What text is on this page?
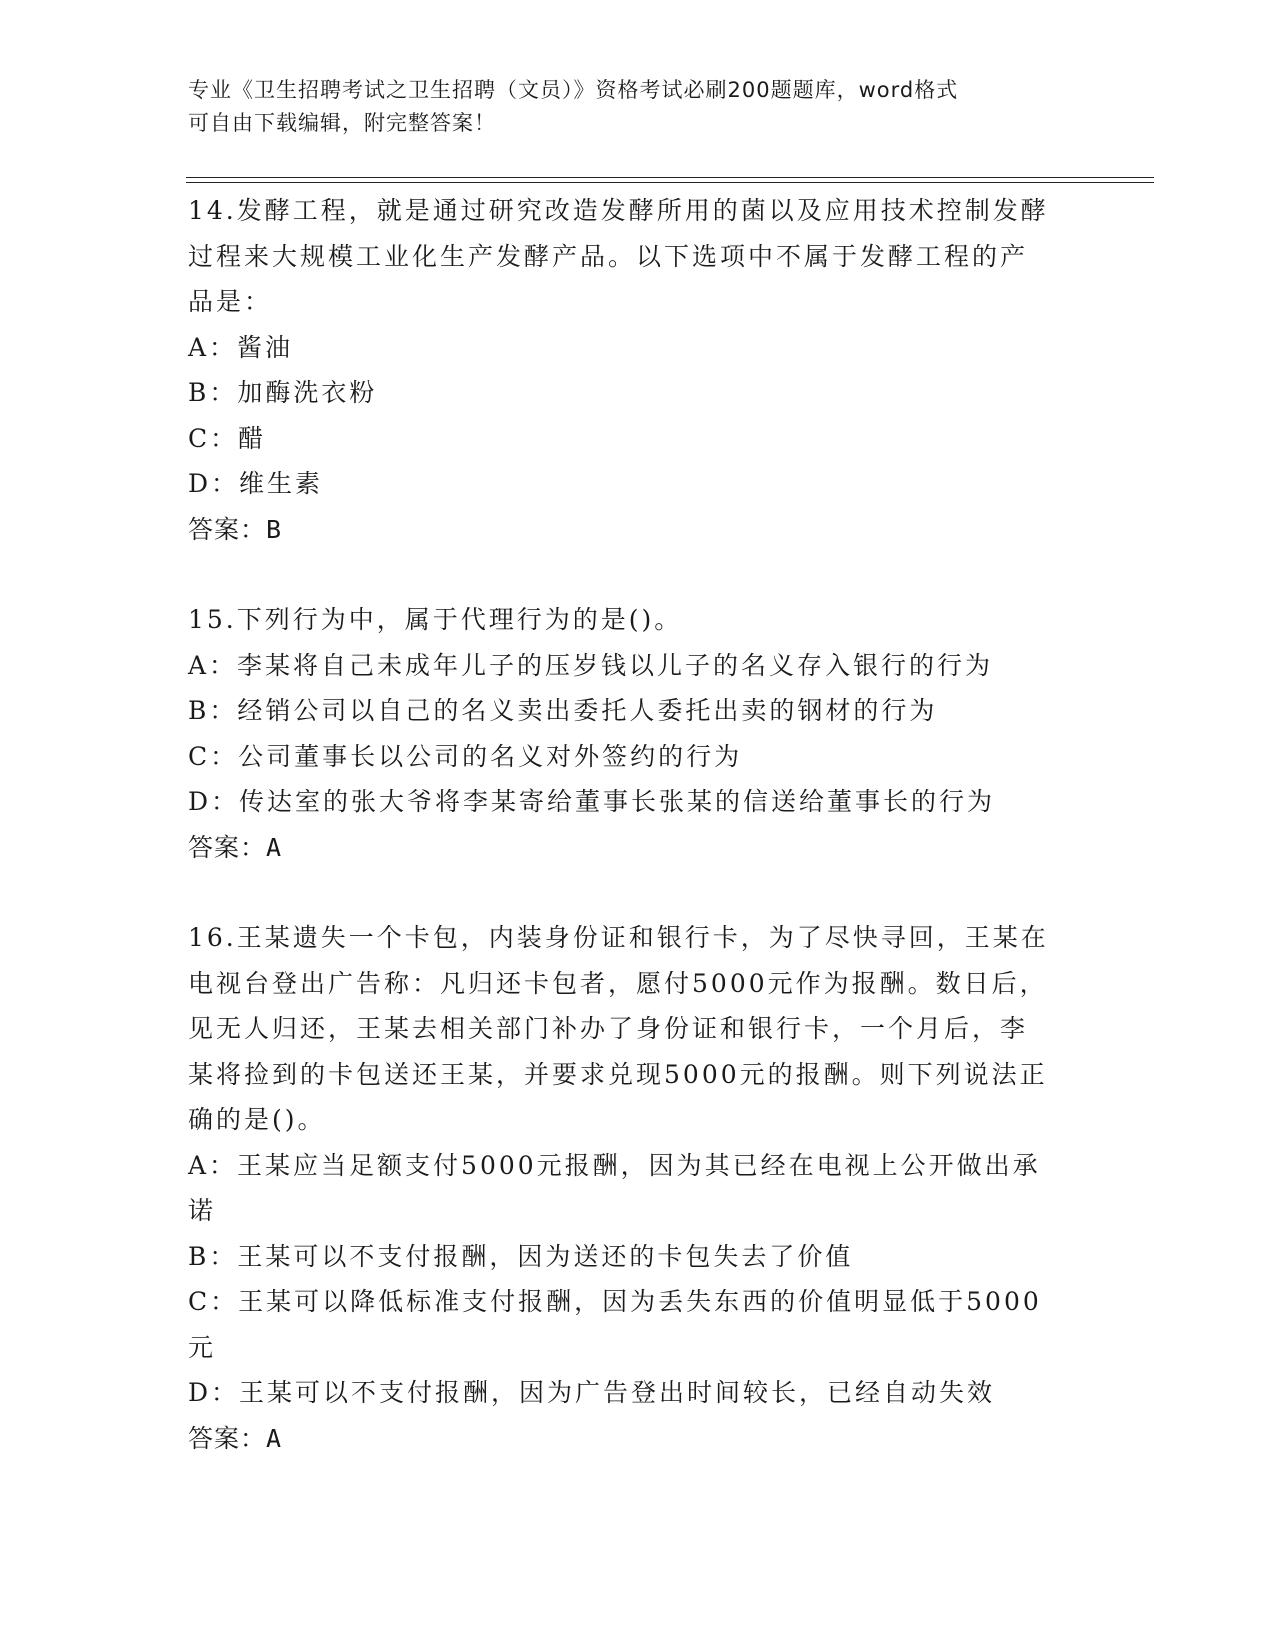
专业《卫生招聘考试之卫生招聘（文员）》资格考试必刷200题题库，word格式
可自由下载编辑，附完整答案！
14.发酵工程，就是通过研究改造发酵所用的菌以及应用技术控制发酵
过程来大规模工业化生产发酵产品。以下选项中不属于发酵工程的产
品是：
A：酱油
B：加酶洗衣粉
C：醋
D：维生素
答案：B
15.下列行为中，属于代理行为的是()。
A：李某将自己未成年儿子的压岁钱以儿子的名义存入银行的行为
B：经销公司以自己的名义卖出委托人委托出卖的钢材的行为
C：公司董事长以公司的名义对外签约的行为
D：传达室的张大爷将李某寄给董事长张某的信送给董事长的行为
答案：A
16.王某遗失一个卡包，内装身份证和银行卡，为了尽快寻回，王某在
电视台登出广告称：凡归还卡包者，愿付5000元作为报酬。数日后，
见无人归还，王某去相关部门补办了身份证和银行卡，一个月后，李
某将捡到的卡包送还王某，并要求兑现5000元的报酬。则下列说法正
确的是()。
A：王某应当足额支付5000元报酬，因为其已经在电视上公开做出承
诺
B：王某可以不支付报酬，因为送还的卡包失去了价值
C：王某可以降低标准支付报酬，因为丢失东西的价值明显低于5000
元
D：王某可以不支付报酬，因为广告登出时间较长，已经自动失效
答案：A
